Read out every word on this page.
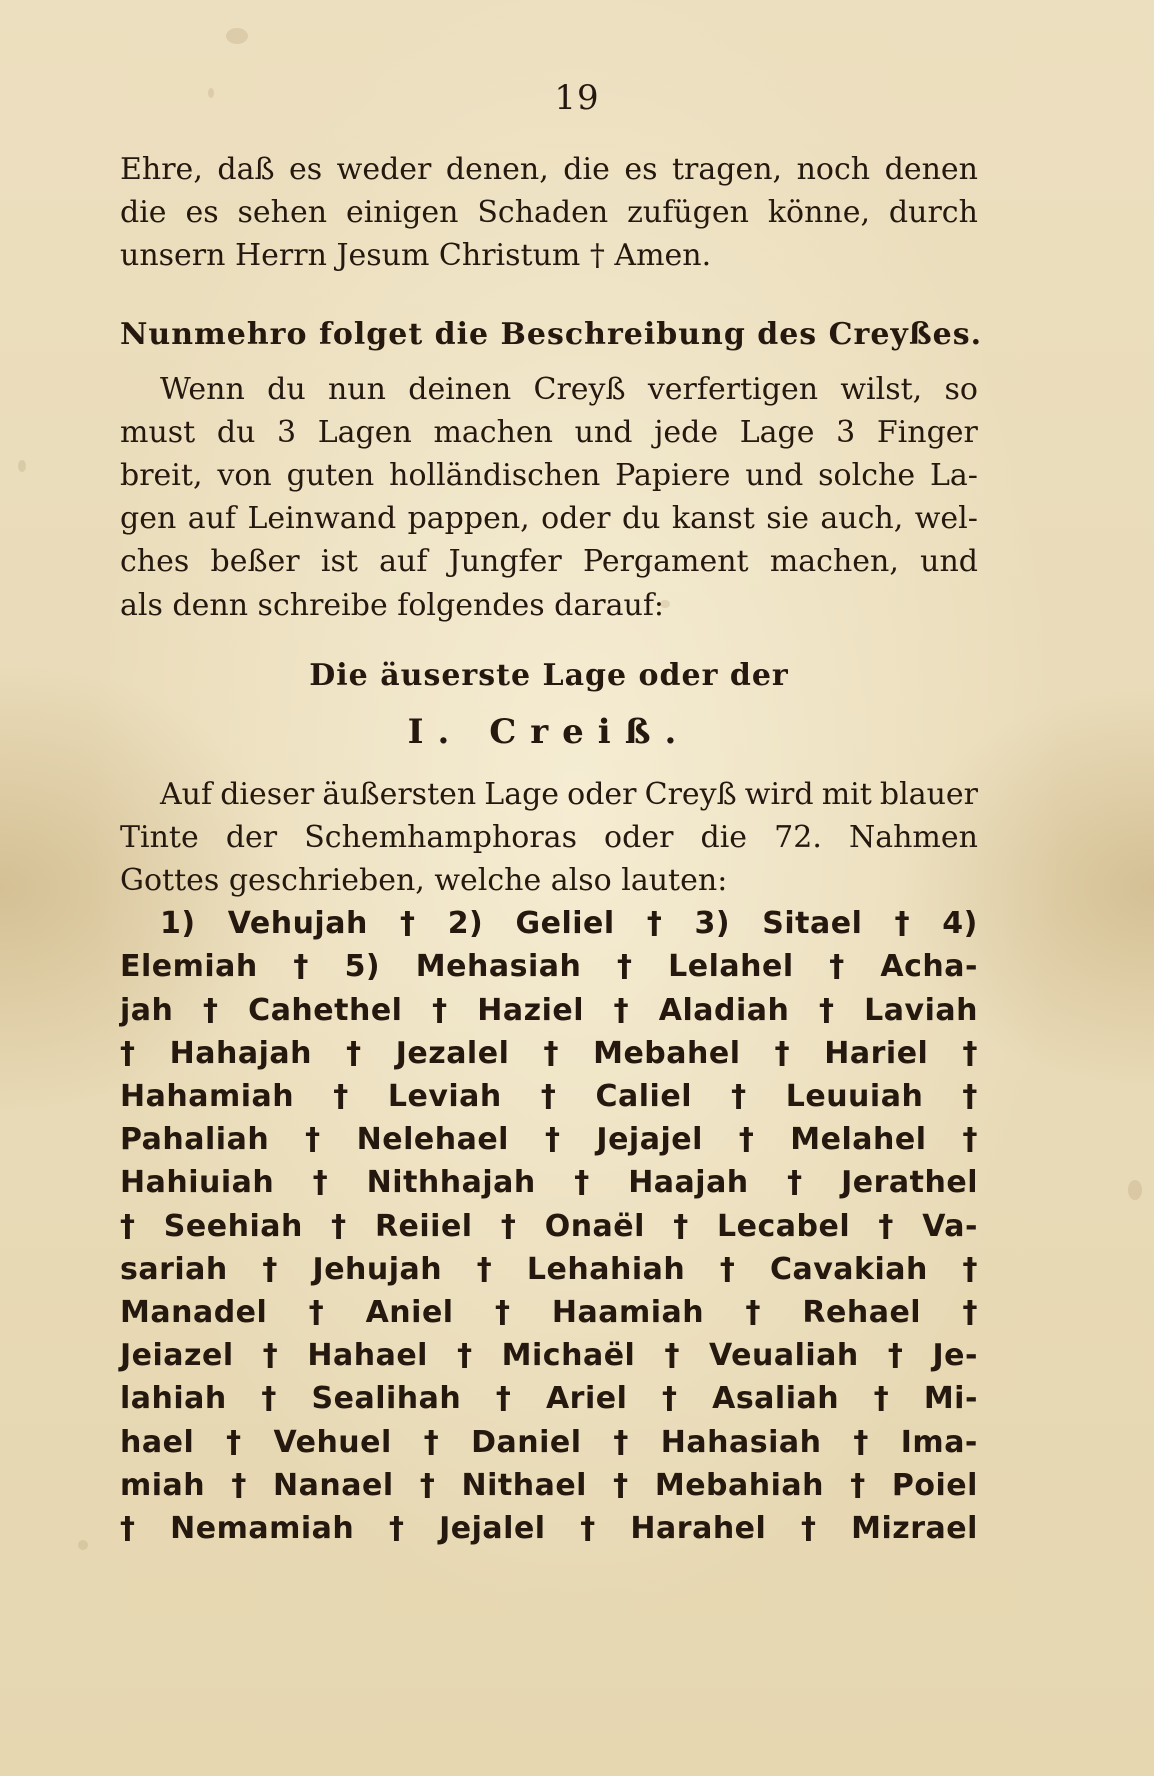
19
Ehre, daß es weder denen, die es tragen, noch denen
die es sehen einigen Schaden zufügen könne, durch
unsern Herrn Jesum Christum † Amen.
Nunmehro folget die Beschreibung des Creyßes.
Wenn du nun deinen Creyß verfertigen wilst, so
must du 3 Lagen machen und jede Lage 3 Finger
breit, von guten holländischen Papiere und solche La-
gen auf Leinwand pappen, oder du kanst sie auch, wel-
ches beßer ist auf Jungfer Pergament machen, und
als denn schreibe folgendes darauf:
Die äuserste Lage oder der
I. Creiß.
Auf dieser äußersten Lage oder Creyß wird mit blauer
Tinte der Schemhamphoras oder die 72. Nahmen
Gottes geschrieben, welche also lauten:
1) Vehujah † 2) Geliel † 3) Sitael † 4)
Elemiah † 5) Mehasiah † Lelahel † Acha-
jah † Cahethel † Haziel † Aladiah † Laviah
† Hahajah † Jezalel † Mebahel † Hariel †
Hahamiah † Leviah † Caliel † Leuuiah †
Pahaliah † Nelehael † Jejajel † Melahel †
Hahiuiah † Nithhajah † Haajah † Jerathel
† Seehiah † Reiiel † Onaël † Lecabel † Va-
sariah † Jehujah † Lehahiah † Cavakiah †
Manadel † Aniel † Haamiah † Rehael †
Jeiazel † Hahael † Michaël † Veualiah † Je-
lahiah † Sealihah † Ariel † Asaliah † Mi-
hael † Vehuel † Daniel † Hahasiah † Ima-
miah † Nanael † Nithael † Mebahiah † Poiel
† Nemamiah † Jejalel † Harahel † Mizrael
